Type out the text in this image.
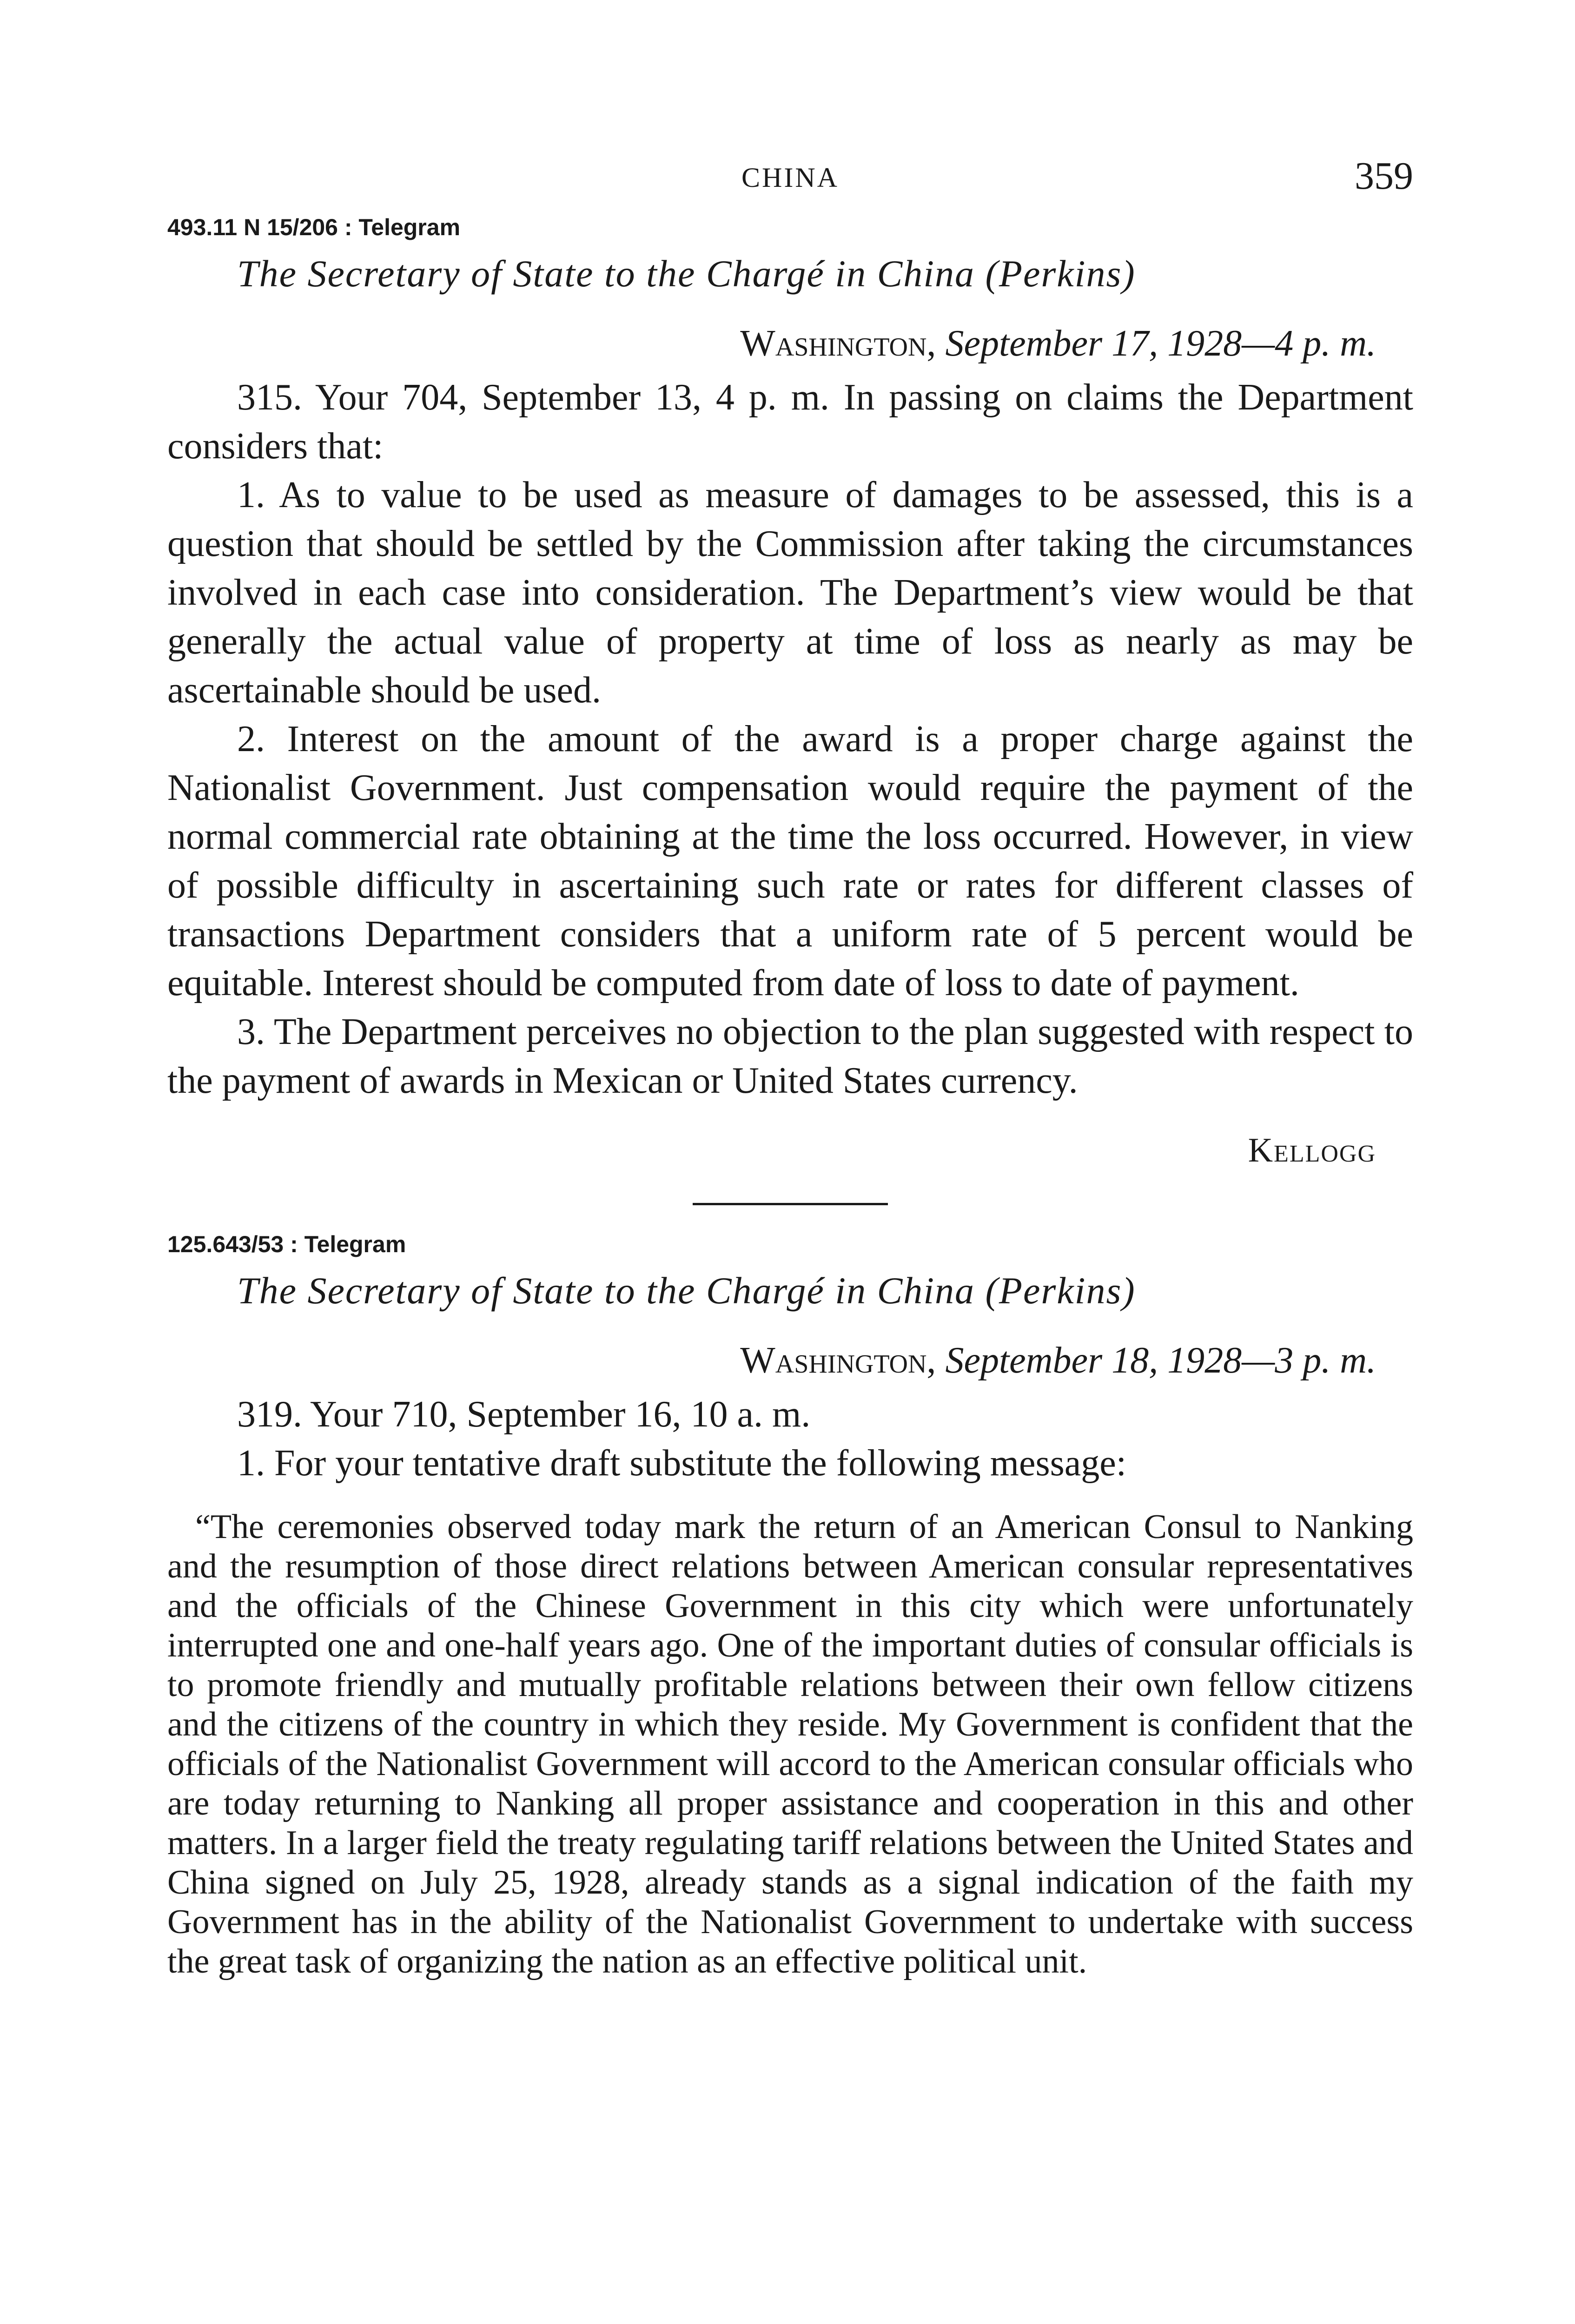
CHINA	359
493.11 N 15/206 : Telegram
The Secretary of State to the Chargé in China (Perkins)
Washington, September 17, 1928—4 p. m.

315. Your 704, September 13, 4 p. m. In passing on claims the Department considers that:

1. As to value to be used as measure of damages to be assessed, this is a question that should be settled by the Commission after taking the circumstances involved in each case into consideration. The Department’s view would be that generally the actual value of property at time of loss as nearly as may be ascertainable should be used.

2. Interest on the amount of the award is a proper charge against the Nationalist Government. Just compensation would require the payment of the normal commercial rate obtaining at the time the loss occurred. However, in view of possible difficulty in ascertaining such rate or rates for different classes of transactions Department considers that a uniform rate of 5 percent would be equitable. Interest should be computed from date of loss to date of payment.

3. The Department perceives no objection to the plan suggested with respect to the payment of awards in Mexican or United States currency.

Kellogg
125.643/53 : Telegram
The Secretary of State to the Chargé in China (Perkins)
Washington, September 18, 1928—3 p. m.

319. Your 710, September 16, 10 a. m.

1. For your tentative draft substitute the following message:

“The ceremonies observed today mark the return of an American Consul to Nanking and the resumption of those direct relations between American consular representatives and the officials of the Chinese Government in this city which were unfortunately interrupted one and one-half years ago. One of the important duties of consular officials is to promote friendly and mutually profitable relations between their own fellow citizens and the citizens of the country in which they reside. My Government is confident that the officials of the Nationalist Government will accord to the American consular officials who are today returning to Nanking all proper assistance and cooperation in this and other matters. In a larger field the treaty regulating tariff relations between the United States and China signed on July 25, 1928, already stands as a signal indication of the faith my Government has in the ability of the Nationalist Government to undertake with success the great task of organizing the nation as an effective political unit.
